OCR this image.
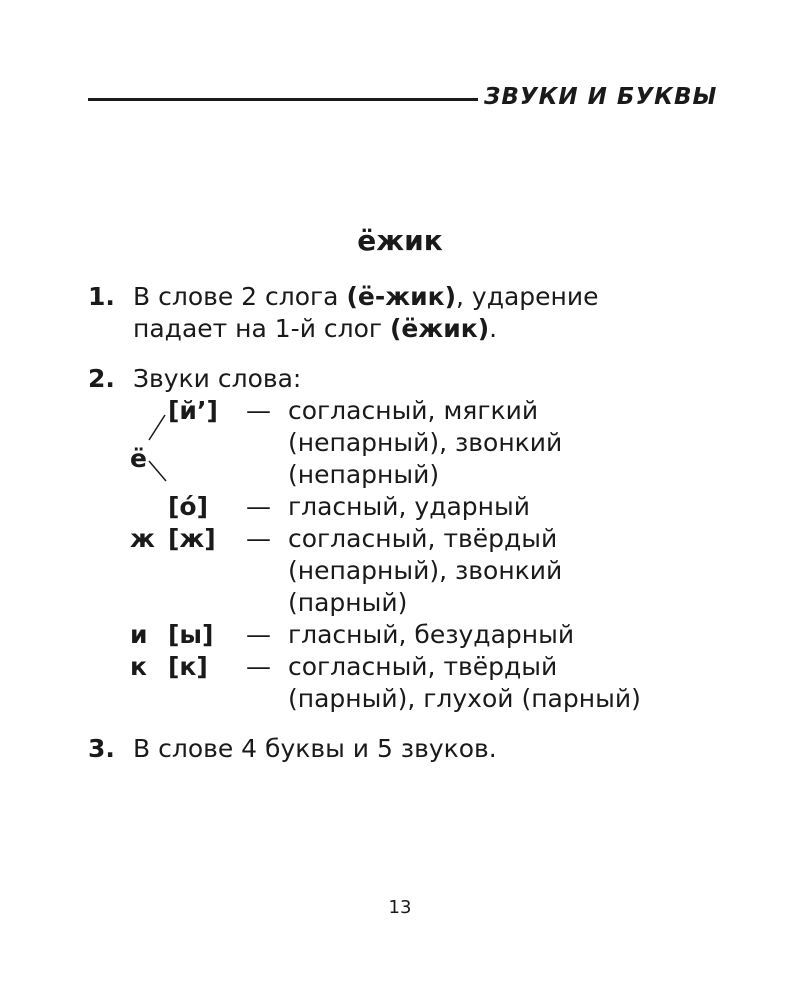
ЗВУКИ И БУКВЫ
ёжик
1. В слове 2 слога (ё-жик), ударение
падает на 1-й слог (ёжик).
2. Звуки слова:
ё
[й’] — согласный, мягкий
(непарный), звонкий
(непарный)
[о́] — гласный, ударный
ж [ж] — согласный, твёрдый
(непарный), звонкий
(парный)
и [ы] — гласный, безударный
к [к] — согласный, твёрдый
(парный), глухой (парный)
3. В слове 4 буквы и 5 звуков.
13
